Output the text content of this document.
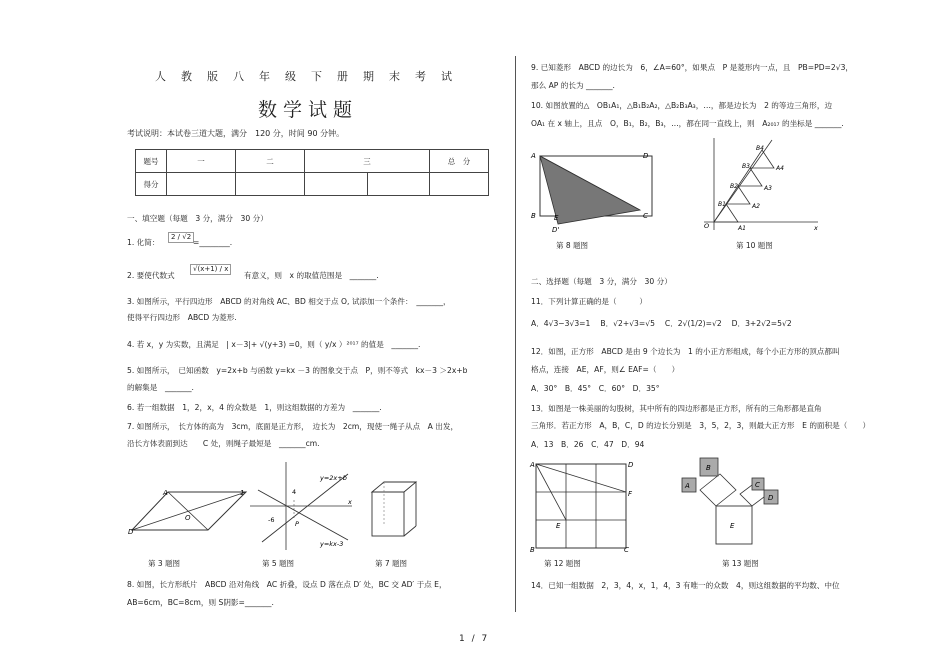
人教版八年级下册期末考试
数学试题
考试说明：本试卷三道大题，满分　120 分，时间 90 分钟。
题号	一	二	三		总　分
得分					
一、填空题（每题　3 分，满分　30 分）
1. 化简：
2 / √2
=________.
2. 要使代数式
√(x+1) / x
有意义，则　x 的取值范围是　_______.
3. 如图所示，平行四边形　ABCD 的对角线 AC、BD 相交于点 O, 试添加一个条件：　_______，
使得平行四边形　ABCD 为菱形.
4. 若 x，y 为实数，且满足　| x－3|+ √(y+3) =0，则（ y/x ）²⁰¹⁷ 的值是　_______.
5. 如图所示，　已知函数　y=2x+b 与函数 y=kx －3 的图象交于点　P，则不等式　kx－3 ＞2x+b
的解集是　_______.
6. 若一组数据　1，2，x，4 的众数是　1，则这组数据的方差为　_______.
7. 如图所示，　长方体的高为　3cm，底面是正方形，　边长为　2cm，现使一绳子从点　A 出发，
沿长方体表面到达　　C 处，则绳子最短是　_______cm.
A	1
D
O
第 3 题图
y=2x+b
y=kx-3
x
4
-6	P
第 5 题图	第 7 题图
8. 如图，长方形纸片　ABCD 沿对角线　AC 折叠，设点 D 落在点 D′ 处，BC 交 AD′ 于点 E，
AB=6cm，BC=8cm，则 S阴影=_______.
9. 已知菱形　ABCD 的边长为　6，∠A=60°，如果点　P 是菱形内一点，且　PB=PD=2√3，
那么 AP 的长为 _______.
10. 如图放置的△　OB₁A₁，△B₁B₂A₂，△B₂B₃A₃，…，都是边长为　2 的等边三角形，边
OA₁ 在 x 轴上，且点　O，B₁，B₂，B₃，…，都在同一直线上，则　A₂₀₁₇ 的坐标是 _______.
A	D
B	C
E
D'
第 8 题图
O	x
A1
A2
A3
A4
B1
B2
B3
B4
第 10 题图
二、选择题（每题　3 分，满分　30 分）
11．下列计算正确的是（　　　）
A．4√3−3√3=1　 B．√2+√3=√5　 C．2√(1/2)=√2　 D．3+2√2=5√2
12．如图，正方形　ABCD 是由 9 个边长为　1 的小正方形组成，每个小正方形的顶点都叫
格点，连接　AE，AF，则∠ EAF=（　　）
A．30°　B．45°　C．60°　D．35°
13．如图是一株美丽的勾股树，其中所有的四边形都是正方形，所有的三角形都是直角
三角形．若正方形　A，B，C，D 的边长分别是　3，5，2，3，则最大正方形　E 的面积是（　　）
A．13　B．26　C．47　D．94
A	D
B	C
F
E
第 12 题图
B
A	C
D
E
第 13 题图
14．已知一组数据　2，3，4，x，1，4，3 有唯一的众数　4，则这组数据的平均数、中位
1 / 7
